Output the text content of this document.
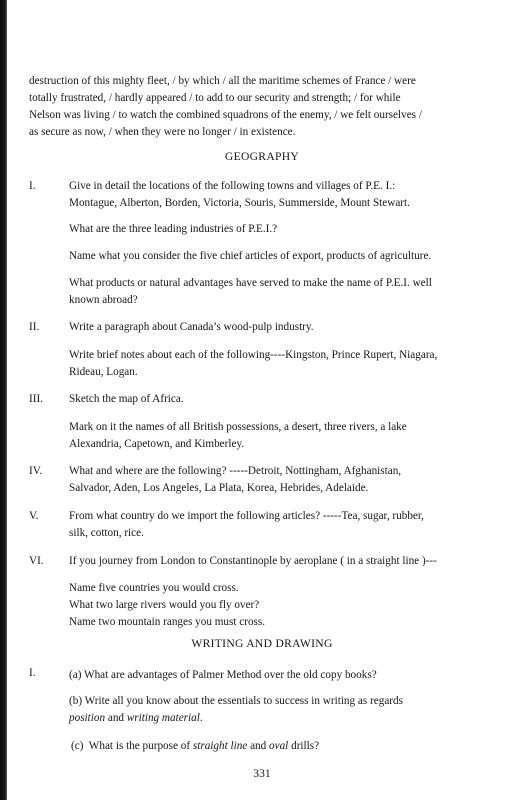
destruction of this mighty fleet, / by which / all the maritime schemes of France / were
totally frustrated, / hardly appeared / to add to our security and strength; / for while
Nelson was living / to watch the combined squadrons of the enemy, / we felt ourselves /
as secure as now, / when they were no longer / in existence.

GEOGRAPHY
I.	Give in detail the locations of the following towns and villages of P.E. I.:
Montague, Alberton, Borden, Victoria, Souris, Summerside, Mount Stewart.

What are the three leading industries of P.E.I.?

Name what you consider the five chief articles of export, products of agriculture.

What products or natural advantages have served to make the name of P.E.I. well
known abroad?

II.	Write a paragraph about Canada’s wood-pulp industry.

Write brief notes about each of the following----Kingston, Prince Rupert, Niagara,
Rideau, Logan.

III. Sketch the map of Africa.

Mark on it the names of all British possessions, a desert, three rivers, a lake
Alexandria, Capetown, and Kimberley.

IV. What and where are the following? -----Detroit, Nottingham, Afghanistan,
Salvador, Aden, Los Angeles, La Plata, Korea, Hebrides, Adelaide.

V.	From what country do we import the following articles? -----Tea, sugar, rubber,
silk, cotton, rice.

VI. If you journey from London to Constantinople by aeroplane ( in a straight line )---

Name five countries you would cross.
What two large rivers would you fly over?
Name two mountain ranges you must cross.

WRITING AND DRAWING
I.	(a) What are advantages of Palmer Method over the old copy books?

(b) Write all you know about the essentials to success in writing as regards
position and writing material.

(c)  What is the purpose of straight line and oval drills?

331
